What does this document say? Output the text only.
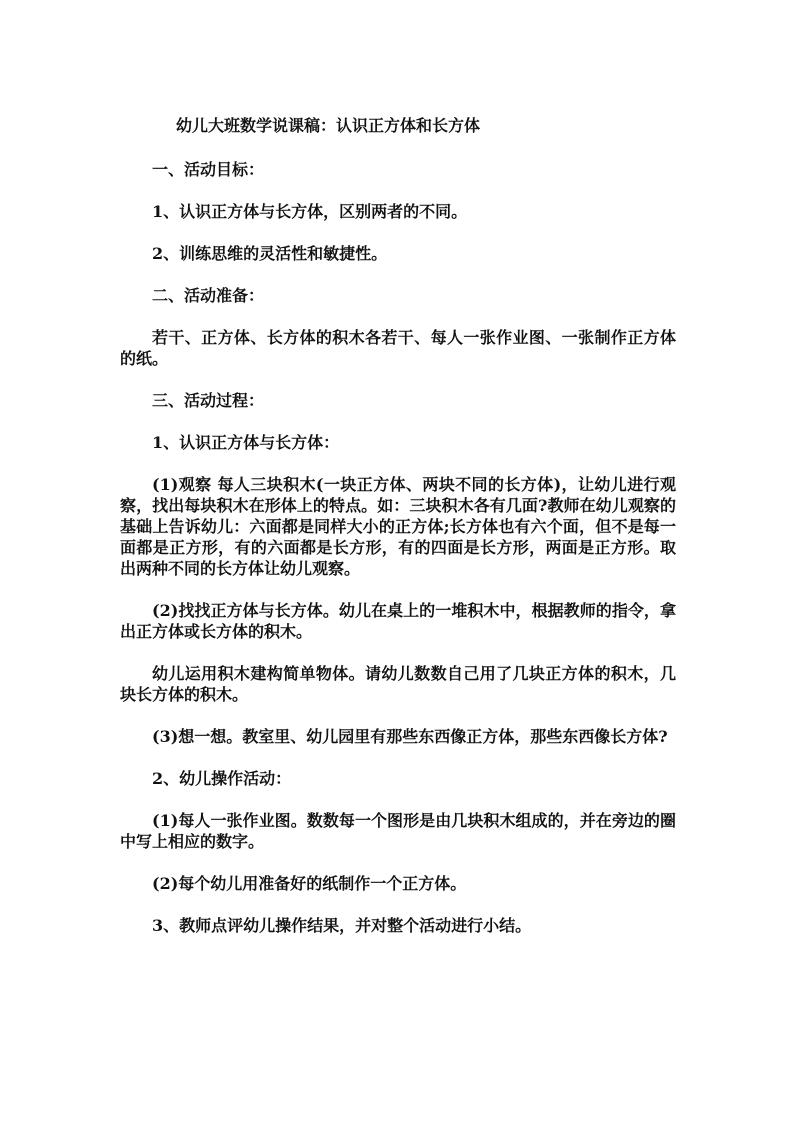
幼儿大班数学说课稿：认识正方体和长方体

一、活动目标：

1、认识正方体与长方体，区别两者的不同。

2、训练思维的灵活性和敏捷性。

二、活动准备：

若干、正方体、长方体的积木各若干、每人一张作业图、一张制作正方体的纸。

三、活动过程：

1、认识正方体与长方体：

(1)观察 每人三块积木(一块正方体、两块不同的长方体)，让幼儿进行观察，找出每块积木在形体上的特点。如：三块积木各有几面?教师在幼儿观察的基础上告诉幼儿：六面都是同样大小的正方体;长方体也有六个面，但不是每一面都是正方形，有的六面都是长方形，有的四面是长方形，两面是正方形。取出两种不同的长方体让幼儿观察。

(2)找找正方体与长方体。幼儿在桌上的一堆积木中，根据教师的指令，拿出正方体或长方体的积木。

幼儿运用积木建构简单物体。请幼儿数数自己用了几块正方体的积木，几块长方体的积木。

(3)想一想。教室里、幼儿园里有那些东西像正方体，那些东西像长方体?

2、幼儿操作活动：

(1)每人一张作业图。数数每一个图形是由几块积木组成的，并在旁边的圈中写上相应的数字。

(2)每个幼儿用准备好的纸制作一个正方体。

3、教师点评幼儿操作结果，并对整个活动进行小结。
